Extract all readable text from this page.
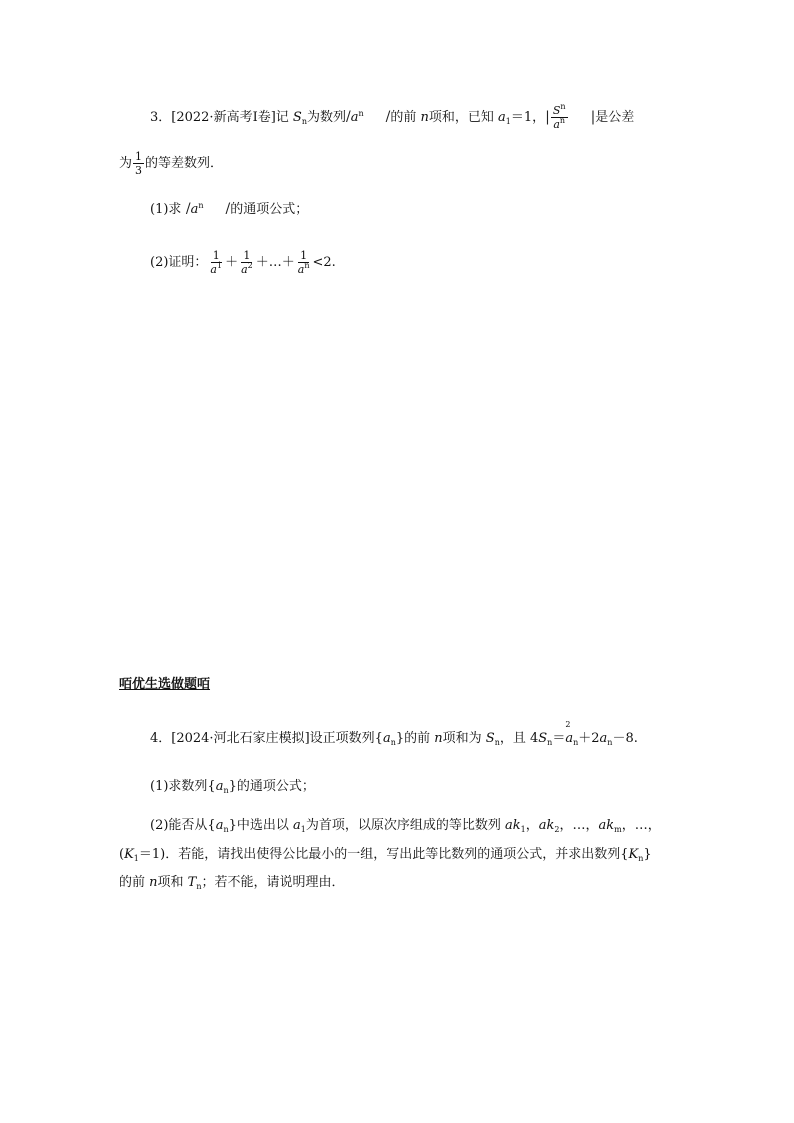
3．[2022·新高考Ⅰ卷]记 $S_n$为数列$/a^n$ /的前 n项和，已知 $a_1=1$，| $\frac{S^n}{a^n}$ |是公差
为 $\frac{1}{3}$ 的等差数列．
(1)求 $/a^n$ /的通项公式；
(2)证明： $\frac{1}{a^1} + \frac{1}{a^2}$ ＋…＋ $\frac{1}{a^n} <2$.
咟优生选做题咟
4．[2024·河北石家庄模拟]设正项数列$\{a_n\}$的前 n项和为 $S_n$，且 $4S_n=$
2
$a_n+2a_n-8$.
(1)求数列$\{a_n\}$的通项公式；
(2)能否从$\{a_n\}$中选出以 $a_1$为首项，以原次序组成的等比数列 $ak_1$，$ak_2$，…，$ak_m$，…，
$(K_1=1)$．若能，请找出使得公比最小的一组，写出此等比数列的通项公式，并求出数列$\{K_n\}$
的前 n项和 $T_n$；若不能，请说明理由．
